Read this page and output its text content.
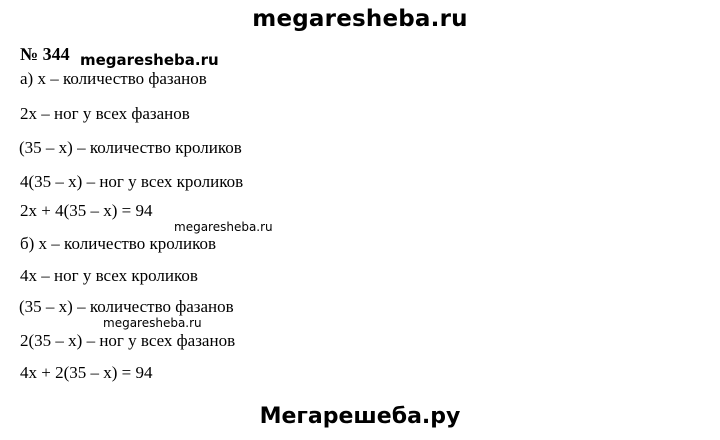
megaresheba.ru
№ 344 megaresheba.ru
а) х – количество фазанов
2х – ног у всех фазанов
(35 – х) – количество кроликов
4(35 – х) – ног у всех кроликов
2х + 4(35 – х) = 94
megaresheba.ru
б) х – количество кроликов
4х – ног у всех кроликов
(35 – х) – количество фазанов
megaresheba.ru
2(35 – х) – ног у всех фазанов
4х + 2(35 – х) = 94
Мегарешеба.ру
